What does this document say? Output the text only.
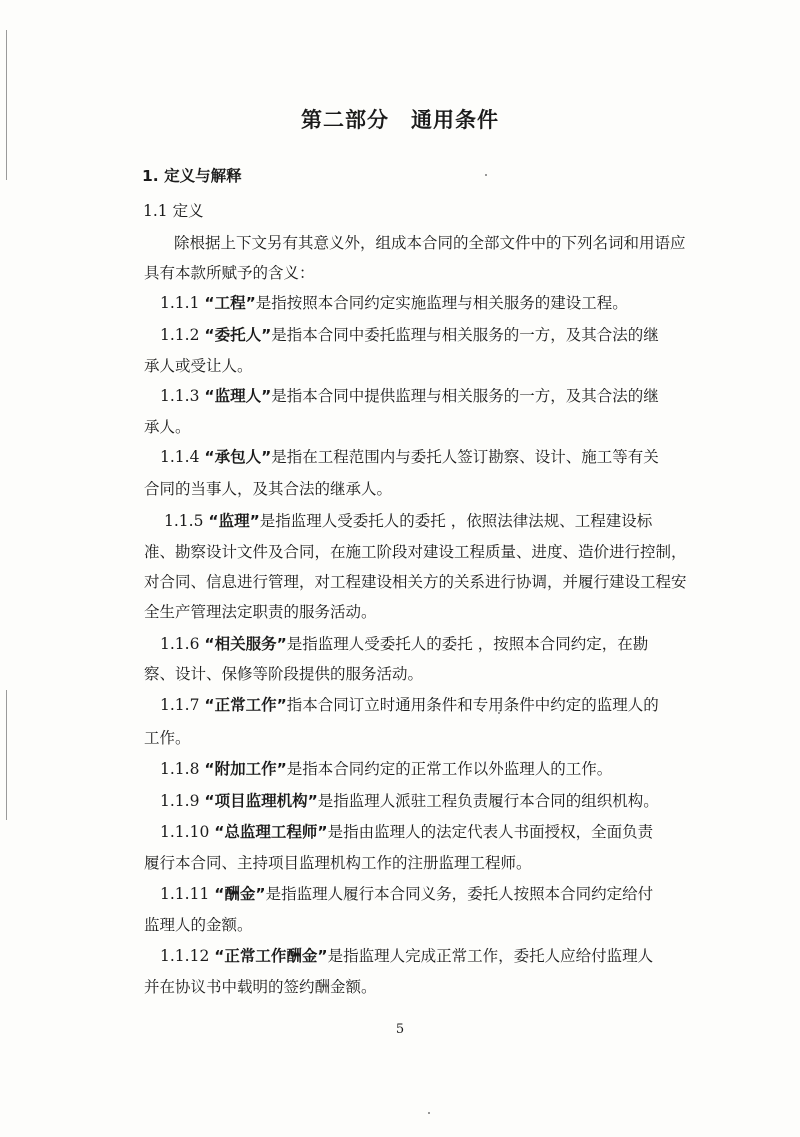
第二部分　通用条件
1. 定义与解释
1.1 定义
除根据上下文另有其意义外，组成本合同的全部文件中的下列名词和用语应
具有本款所赋予的含义：
1.1.1 “工程”是指按照本合同约定实施监理与相关服务的建设工程。
1.1.2 “委托人”是指本合同中委托监理与相关服务的一方，及其合法的继
承人或受让人。
1.1.3 “监理人”是指本合同中提供监理与相关服务的一方，及其合法的继
承人。
1.1.4 “承包人”是指在工程范围内与委托人签订勘察、设计、施工等有关
合同的当事人，及其合法的继承人。
1.1.5 “监理”是指监理人受委托人的委托 ，依照法律法规、工程建设标
准、勘察设计文件及合同，在施工阶段对建设工程质量、进度、造价进行控制，
对合同、信息进行管理，对工程建设相关方的关系进行协调，并履行建设工程安
全生产管理法定职责的服务活动。
1.1.6 “相关服务”是指监理人受委托人的委托 ，按照本合同约定，在勘
察、设计、保修等阶段提供的服务活动。
1.1.7 “正常工作”指本合同订立时通用条件和专用条件中约定的监理人的
工作。
1.1.8 “附加工作”是指本合同约定的正常工作以外监理人的工作。
1.1.9 “项目监理机构”是指监理人派驻工程负责履行本合同的组织机构。
1.1.10 “总监理工程师”是指由监理人的法定代表人书面授权，全面负责
履行本合同、主持项目监理机构工作的注册监理工程师。
1.1.11 “酬金”是指监理人履行本合同义务，委托人按照本合同约定给付
监理人的金额。
1.1.12 “正常工作酬金”是指监理人完成正常工作，委托人应给付监理人
并在协议书中载明的签约酬金额。
5
